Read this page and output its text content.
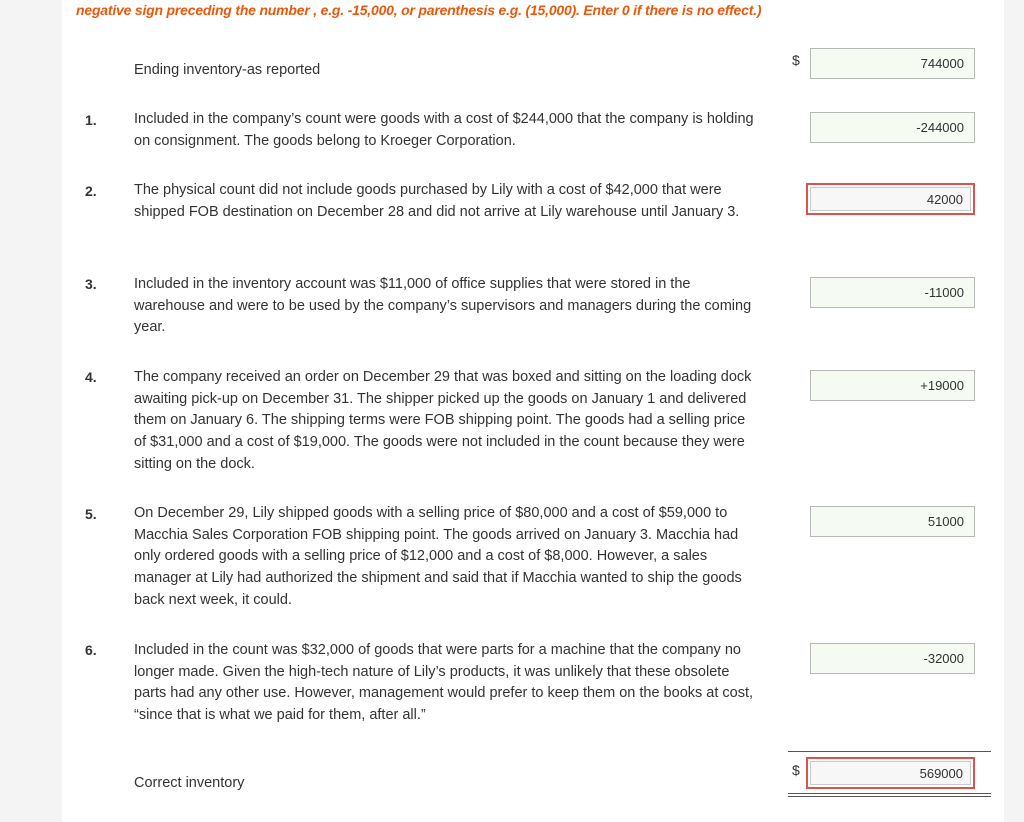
negative sign preceding the number , e.g. -15,000, or parenthesis e.g. (15,000). Enter 0 if there is no effect.)
Ending inventory-as reported
$
744000
1.	Included in the company’s count were goods with a cost of $244,000 that the company is holding on consignment. The goods belong to Kroeger Corporation.
-244000
2.	The physical count did not include goods purchased by Lily with a cost of $42,000 that were shipped FOB destination on December 28 and did not arrive at Lily warehouse until January 3.
42000
3.	Included in the inventory account was $11,000 of office supplies that were stored in the warehouse and were to be used by the company’s supervisors and managers during the coming year.
-11000
4.	The company received an order on December 29 that was boxed and sitting on the loading dock awaiting pick-up on December 31. The shipper picked up the goods on January 1 and delivered them on January 6. The shipping terms were FOB shipping point. The goods had a selling price of $31,000 and a cost of $19,000. The goods were not included in the count because they were sitting on the dock.
+19000
5.	On December 29, Lily shipped goods with a selling price of $80,000 and a cost of $59,000 to Macchia Sales Corporation FOB shipping point. The goods arrived on January 3. Macchia had only ordered goods with a selling price of $12,000 and a cost of $8,000. However, a sales manager at Lily had authorized the shipment and said that if Macchia wanted to ship the goods back next week, it could.
51000
6.	Included in the count was $32,000 of goods that were parts for a machine that the company no longer made. Given the high-tech nature of Lily’s products, it was unlikely that these obsolete parts had any other use. However, management would prefer to keep them on the books at cost, “since that is what we paid for them, after all.”
-32000
Correct inventory
$
569000
